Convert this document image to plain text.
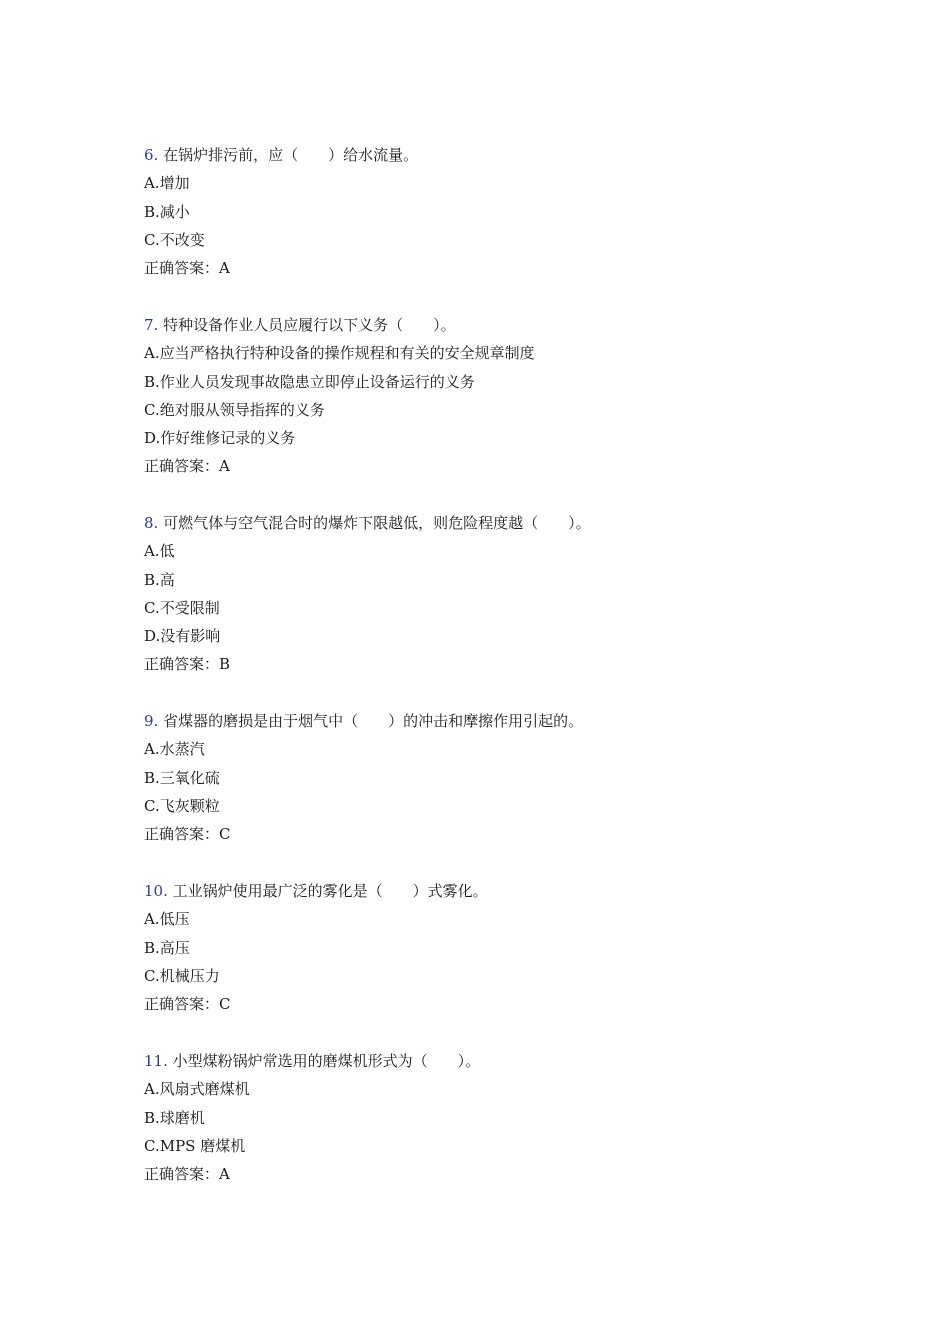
6. 在锅炉排污前，应（　　）给水流量。
A.增加
B.减小
C.不改变
正确答案：A
7. 特种设备作业人员应履行以下义务（　　）。
A.应当严格执行特种设备的操作规程和有关的安全规章制度
B.作业人员发现事故隐患立即停止设备运行的义务
C.绝对服从领导指挥的义务
D.作好维修记录的义务
正确答案：A
8. 可燃气体与空气混合时的爆炸下限越低，则危险程度越（　　）。
A.低
B.高
C.不受限制
D.没有影响
正确答案：B
9. 省煤器的磨损是由于烟气中（　　）的冲击和摩擦作用引起的。
A.水蒸汽
B.三氧化硫
C.飞灰颗粒
正确答案：C
10. 工业锅炉使用最广泛的雾化是（　　）式雾化。
A.低压
B.高压
C.机械压力
正确答案：C
11. 小型煤粉锅炉常选用的磨煤机形式为（　　）。
A.风扇式磨煤机
B.球磨机
C.MPS 磨煤机
正确答案：A
